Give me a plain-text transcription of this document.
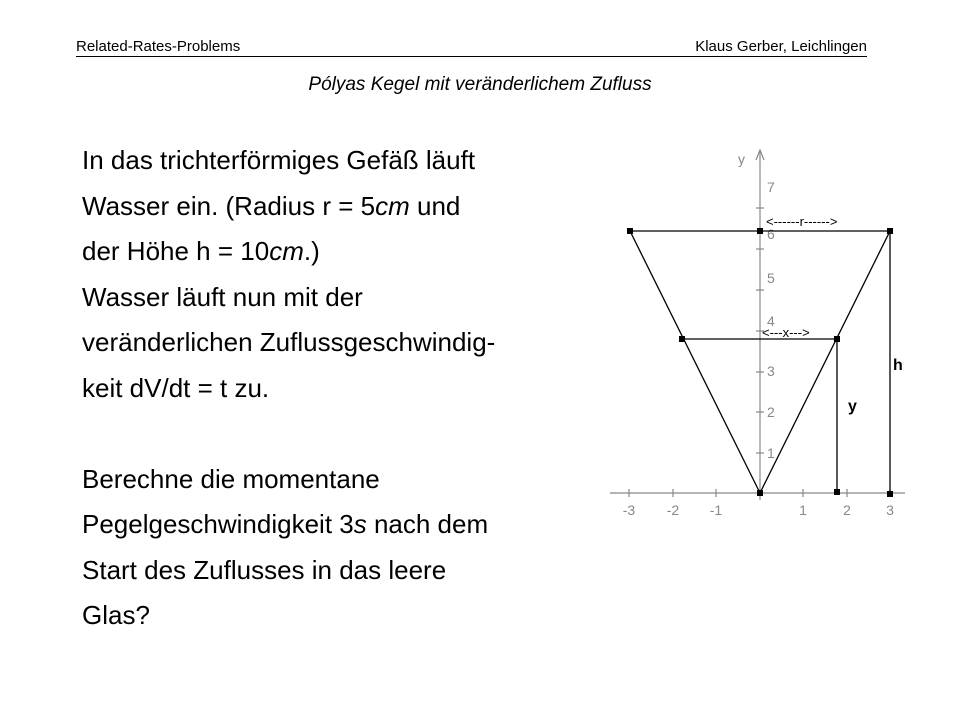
Related-Rates-Problems	Klaus Gerber, Leichlingen
Pólyas Kegel mit veränderlichem Zufluss
In das trichterförmiges Gefäß läuft
Wasser ein. (Radius r = 5cm und
der Höhe h = 10cm.)
Wasser läuft nun mit der
veränderlichen Zuflussgeschwindig-
keit dV/dt = t zu.
Berechne die momentane
Pegelgeschwindigkeit 3s nach dem
Start des Zuflusses in das leere
Glas?
y
1
2
3
4
5
6
7
-3 -2 -1	1	2	3
<------r------>
<---x--->
h
y
